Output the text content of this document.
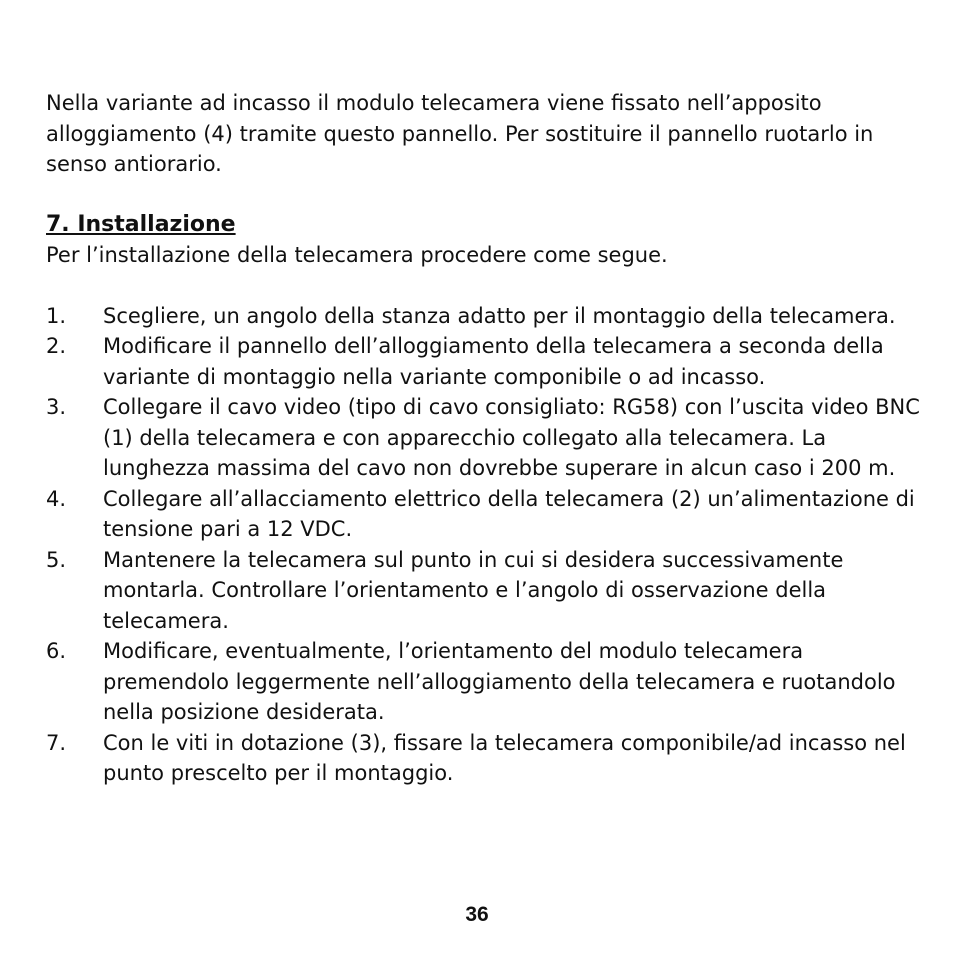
Nella variante ad incasso il modulo telecamera viene fissato nell’apposito alloggiamento (4) tramite questo pannello. Per sostituire il pannello ruotarlo in senso antiorario.

7. Installazione

Per l’installazione della telecamera procedere come segue.

1. Scegliere, un angolo della stanza adatto per il montaggio della telecamera.
2. Modificare il pannello dell’alloggiamento della telecamera a seconda della variante di montaggio nella variante componibile o ad incasso.
3. Collegare il cavo video (tipo di cavo consigliato: RG58) con l’uscita video BNC (1) della telecamera e con apparecchio collegato alla telecamera. La lunghezza massima del cavo non dovrebbe superare in alcun caso i 200 m.
4. Collegare all’allacciamento elettrico della telecamera (2) un’alimentazione di tensione pari a 12 VDC.
5. Mantenere la telecamera sul punto in cui si desidera successivamente montarla. Controllare l’orientamento e l’angolo di osservazione della telecamera.
6. Modificare, eventualmente, l’orientamento del modulo telecamera premendolo leggermente nell’alloggiamento della telecamera e ruotandolo nella posizione desiderata.
7. Con le viti in dotazione (3), fissare la telecamera componibile/ad incasso nel punto prescelto per il montaggio.
36
